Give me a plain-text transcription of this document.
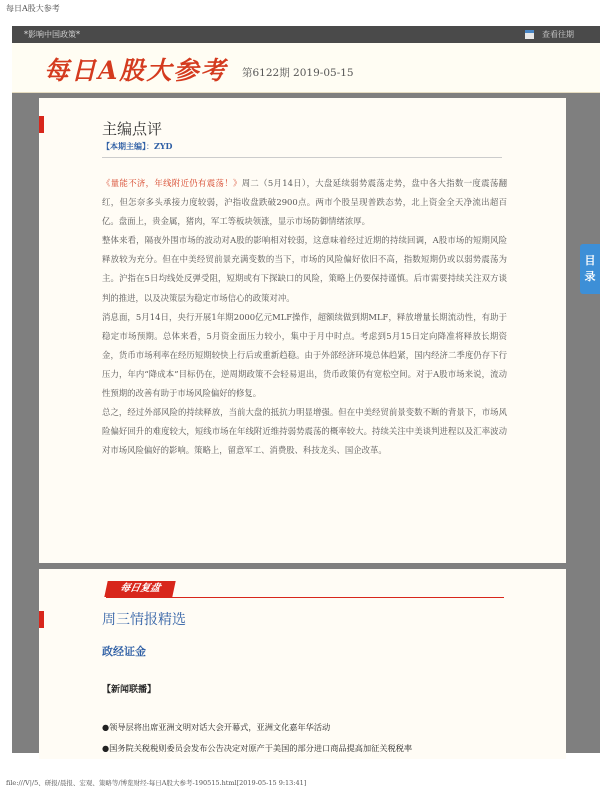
每日A股大参考
*影响中国政策*	查看往期
每日A股大参考 第6122期 2019-05-15
主编点评
【本期主编】：ZYD

《量能不济，年线附近仍有震荡！》周二（5月14日），大盘延续弱势震荡走势，盘中各大指数一度震荡翻红，但怎奈多头承接力度较弱，沪指收盘跌破2900点。两市个股呈现普跌态势，北上资金全天净流出超百亿。盘面上，贵金属，猪肉，军工等板块领涨，显示市场防御情绪浓厚。

整体来看，隔夜外围市场的波动对A股的影响相对较弱，这意味着经过近期的持续回调，A股市场的短期风险释放较为充分。但在中美经贸前景充满变数的当下，市场的风险偏好依旧不高，指数短期仍或以弱势震荡为主。沪指在5日均线处反弹受阻，短期或有下探缺口的风险，策略上仍要保持谨慎。后市需要持续关注双方谈判的推进，以及决策层为稳定市场信心的政策对冲。

消息面，5月14日，央行开展1年期2000亿元MLF操作，超额续做到期MLF，释放增量长期流动性，有助于稳定市场预期。总体来看，5月资金面压力较小，集中于月中时点。考虑到5月15日定向降准将释放长期资金，货币市场利率在经历短期较快上行后或重新趋稳。由于外部经济环境总体趋紧，国内经济二季度仍存下行压力，年内“降成本”目标仍在，逆周期政策不会轻易退出，货币政策仍有宽松空间。对于A股市场来说，流动性预期的改善有助于市场风险偏好的修复。

总之，经过外部风险的持续释放，当前大盘的抵抗力明显增强。但在中美经贸前景变数不断的背景下，市场风险偏好回升的难度较大，短线市场在年线附近维持弱势震荡的概率较大。持续关注中美谈判进程以及汇率波动对市场风险偏好的影响。策略上，留意军工、消费股、科技龙头、国企改革。

每日复盘
周三情报精选
政经证金
【新闻联播】
●领导层将出席亚洲文明对话大会开幕式，亚洲文化嘉年华活动
●国务院关税税则委员会发布公告决定对原产于美国的部分进口商品提高加征关税税率
目
录
file:///V|/5、研报/晨报、宏观、策略等/博览财经-每日A股大参考-190515.html[2019-05-15 9:13:41]
